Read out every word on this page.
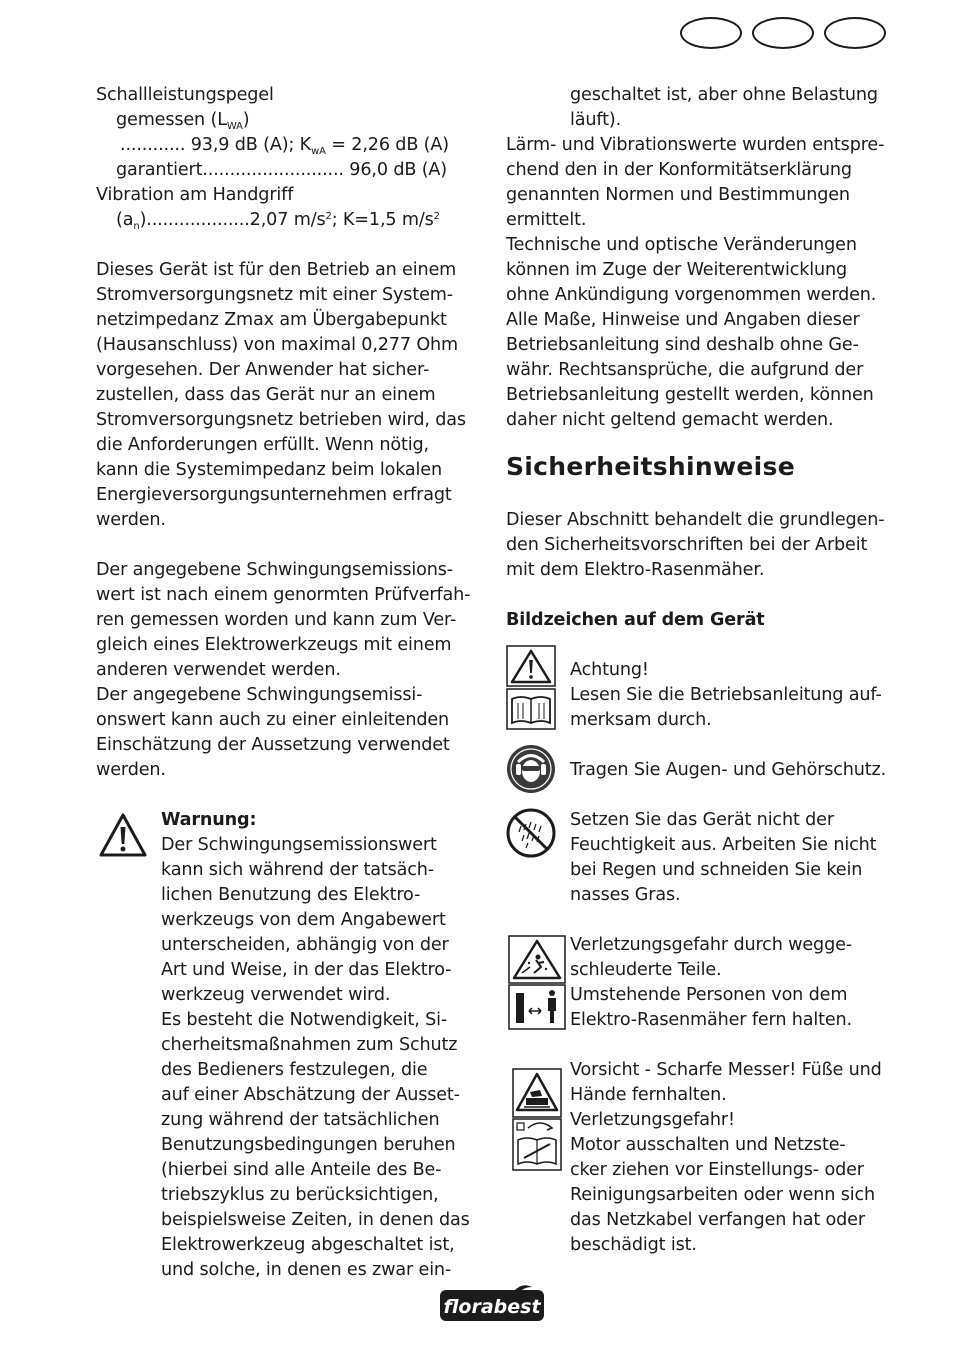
Schallleistungspegel
gemessen $(L_{WA})$
............ 93,9 dB (A); $K_{wA} = 2,26$ dB (A)
garantiert.......................... 96,0 dB (A)
Vibration am Handgriff
$(a_n)...................2,07$ $m/s^2$; K=1,5 $m/s^2$
Dieses Gerät ist für den Betrieb an einem
Stromversorgungsnetz mit einer System-
netzimpedanz Zmax am Übergabepunkt
(Hausanschluss) von maximal 0,277 Ohm
vorgesehen. Der Anwender hat sicher-
zustellen, dass das Gerät nur an einem
Stromversorgungsnetz betrieben wird, das
die Anforderungen erfüllt. Wenn nötig,
kann die Systemimpedanz beim lokalen
Energieversorgungsunternehmen erfragt
werden.
Der angegebene Schwingungsemissions-
wert ist nach einem genormten Prüfverfah-
ren gemessen worden und kann zum Ver-
gleich eines Elektrowerkzeugs mit einem
anderen verwendet werden.
Der angegebene Schwingungsemissi-
onswert kann auch zu einer einleitenden
Einschätzung der Aussetzung verwendet
werden.
Warnung:
Der Schwingungsemissionswert
kann sich während der tatsäch-
lichen Benutzung des Elektro-
werkzeugs von dem Angabewert
unterscheiden, abhängig von der
Art und Weise, in der das Elektro-
werkzeug verwendet wird.
Es besteht die Notwendigkeit, Si-
cherheitsmaßnahmen zum Schutz
des Bedieners festzulegen, die
auf einer Abschätzung der Ausset-
zung während der tatsächlichen
Benutzungsbedingungen beruhen
(hierbei sind alle Anteile des Be-
triebszyklus zu berücksichtigen,
beispielsweise Zeiten, in denen das
Elektrowerkzeug abgeschaltet ist,
und solche, in denen es zwar ein-
geschaltet ist, aber ohne Belastung
läuft).
Lärm- und Vibrationswerte wurden entspre-
chend den in der Konformitätserklärung
genannten Normen und Bestimmungen
ermittelt.
Technische und optische Veränderungen
können im Zuge der Weiterentwicklung
ohne Ankündigung vorgenommen werden.
Alle Maße, Hinweise und Angaben dieser
Betriebsanleitung sind deshalb ohne Ge-
währ. Rechtsansprüche, die aufgrund der
Betriebsanleitung gestellt werden, können
daher nicht geltend gemacht werden.
Sicherheitshinweise
Dieser Abschnitt behandelt die grundlegen-
den Sicherheitsvorschriften bei der Arbeit
mit dem Elektro-Rasenmäher.
Bildzeichen auf dem Gerät
Achtung!
Lesen Sie die Betriebsanleitung auf-
merksam durch.
Tragen Sie Augen- und Gehörschutz.
Setzen Sie das Gerät nicht der
Feuchtigkeit aus. Arbeiten Sie nicht
bei Regen und schneiden Sie kein
nasses Gras.
Verletzungsgefahr durch wegge-
schleuderte Teile.
Umstehende Personen von dem
Elektro-Rasenmäher fern halten.
Vorsicht - Scharfe Messer! Füße und
Hände fernhalten.
Verletzungsgefahr!
Motor ausschalten und Netzste-
cker ziehen vor Einstellungs- oder
Reinigungsarbeiten oder wenn sich
das Netzkabel verfangen hat oder
beschädigt ist.
florabest
